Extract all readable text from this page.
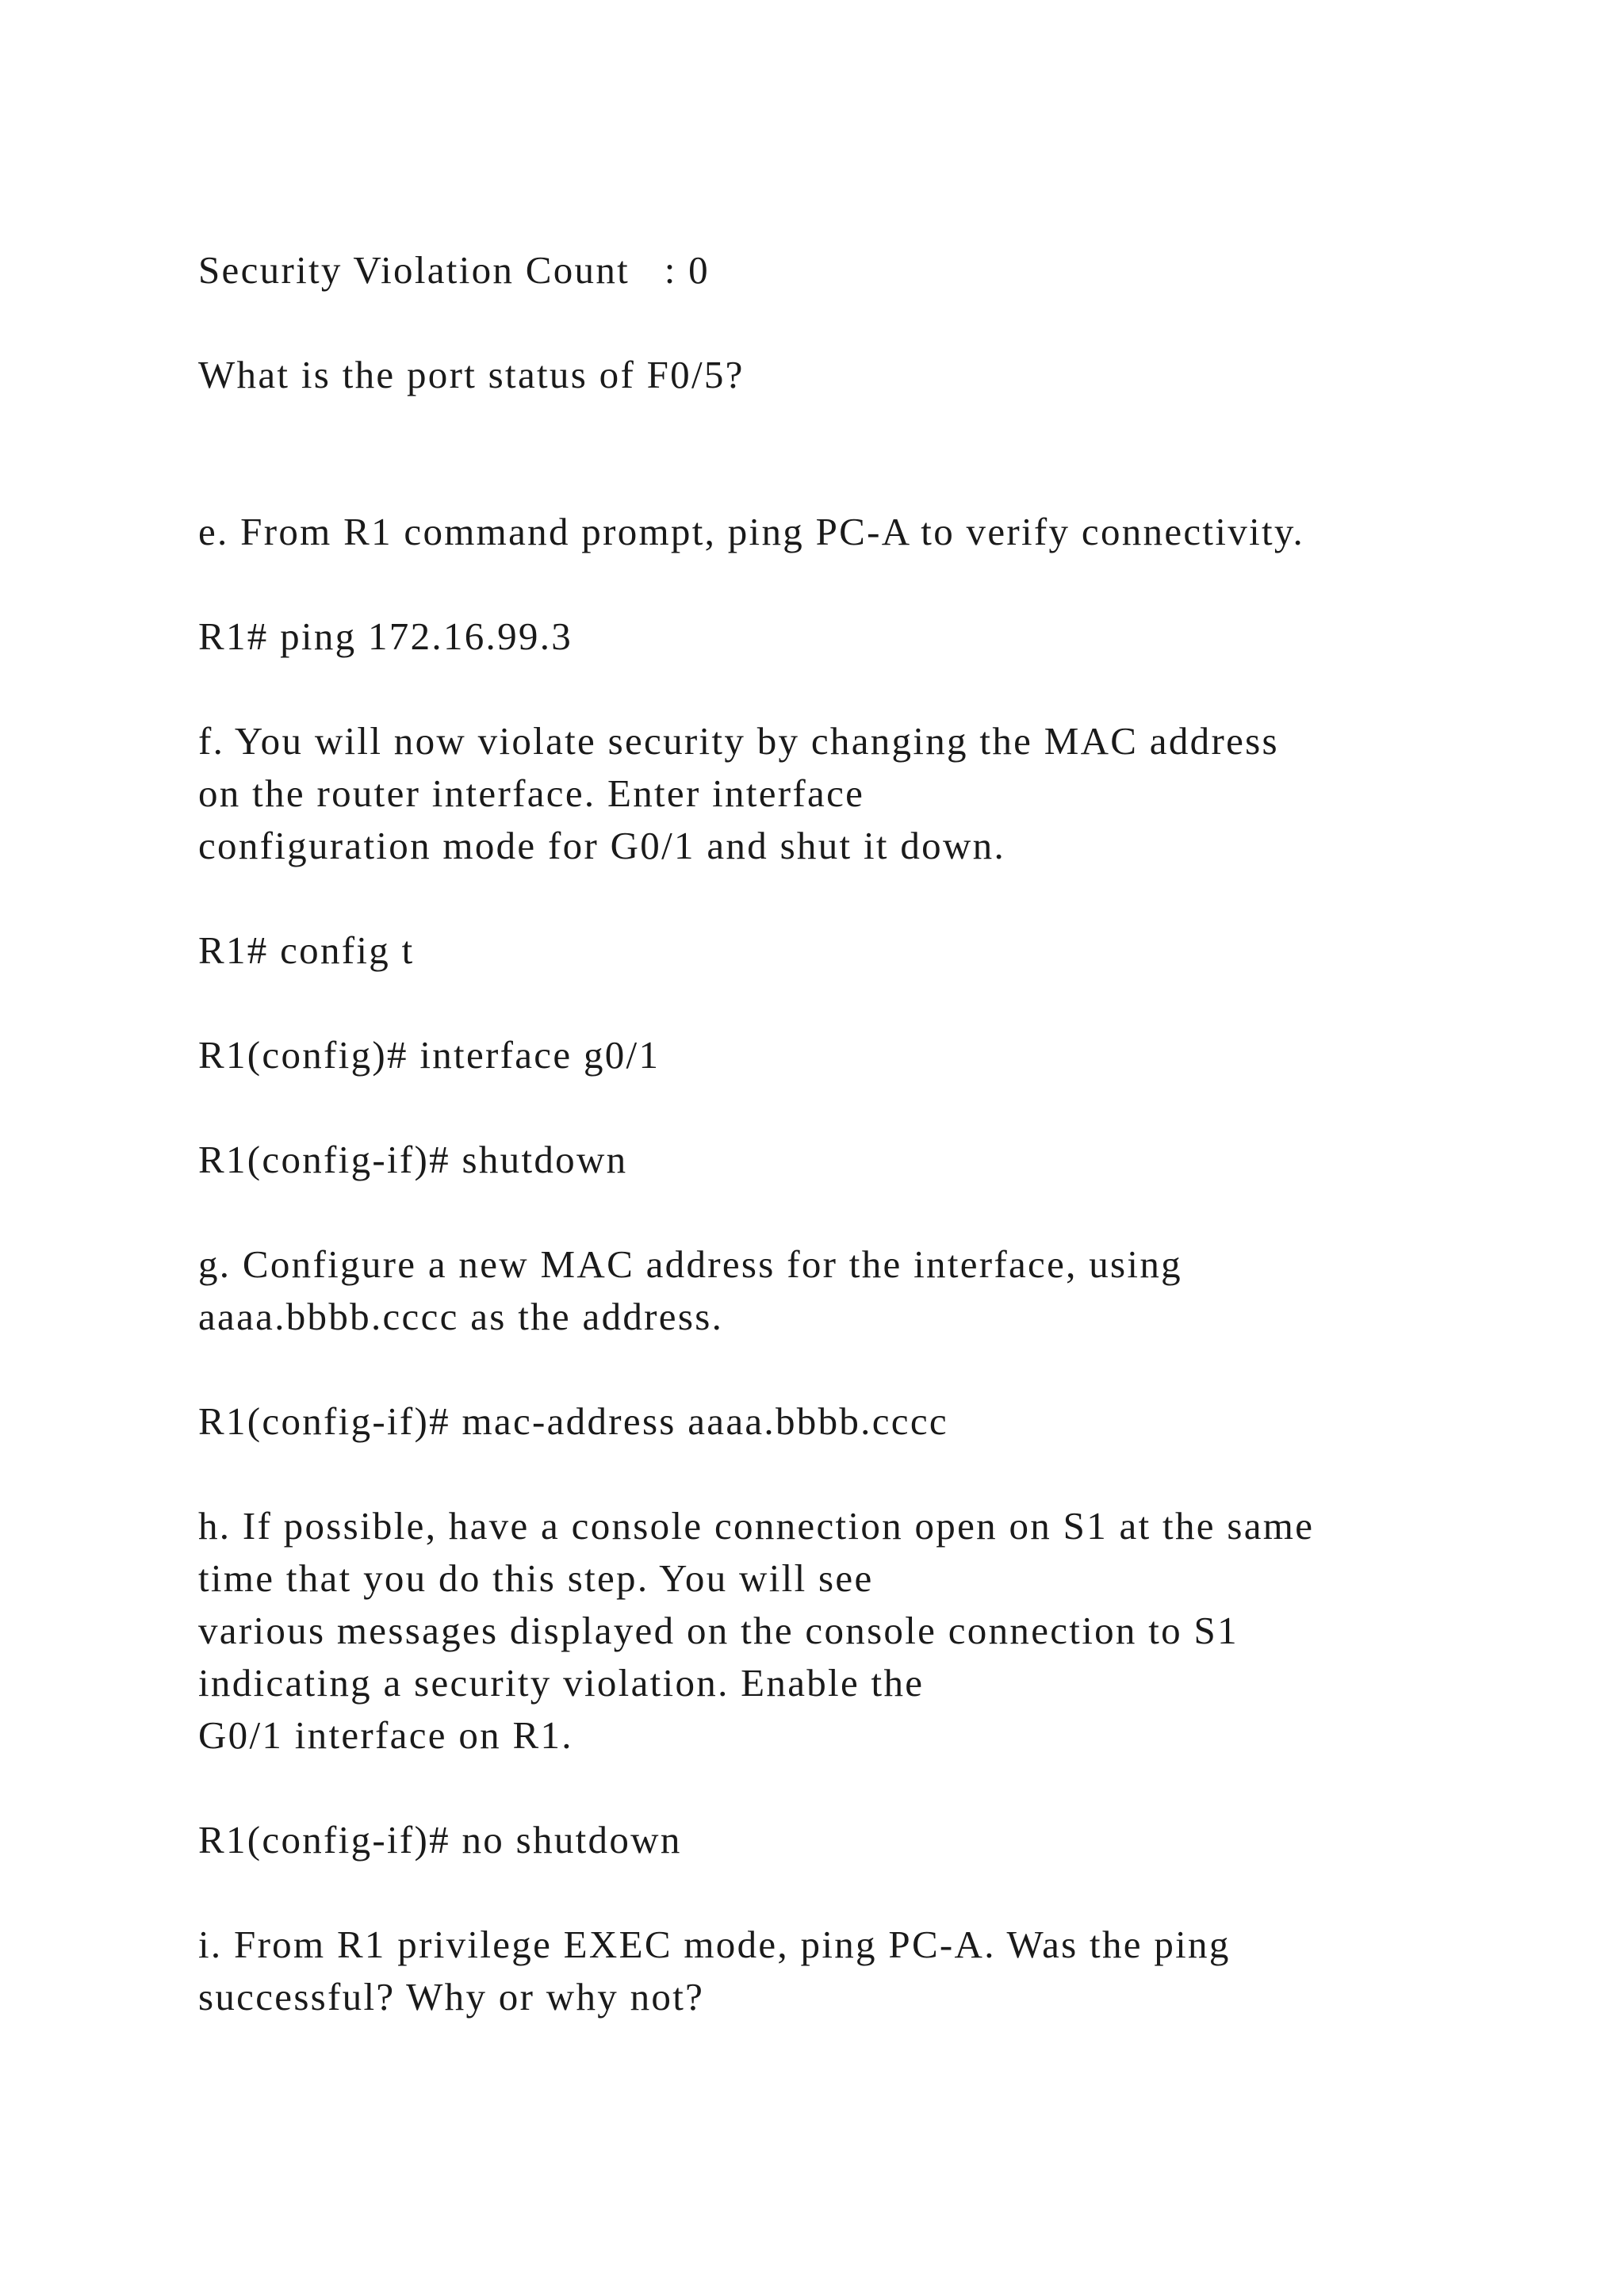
Security Violation Count   : 0

What is the port status of F0/5?

e. From R1 command prompt, ping PC-A to verify connectivity.

R1# ping 172.16.99.3

f. You will now violate security by changing the MAC address

on the router interface. Enter interface

configuration mode for G0/1 and shut it down.

R1# config t

R1(config)# interface g0/1

R1(config-if)# shutdown

g. Configure a new MAC address for the interface, using

aaaa.bbbb.cccc as the address.

R1(config-if)# mac-address aaaa.bbbb.cccc

h. If possible, have a console connection open on S1 at the same

time that you do this step. You will see

various messages displayed on the console connection to S1

indicating a security violation. Enable the

G0/1 interface on R1.

R1(config-if)# no shutdown

i. From R1 privilege EXEC mode, ping PC-A. Was the ping

successful? Why or why not?
